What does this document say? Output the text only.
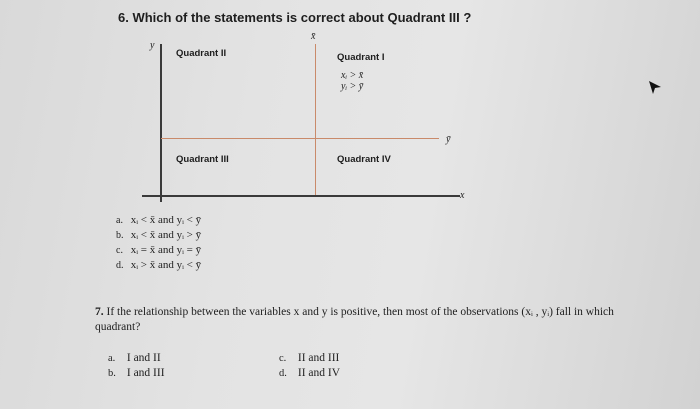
6. Which of the statements is correct about Quadrant III ?
y
x̄
ȳ
x
Quadrant II	Quadrant I
xᵢ > x̄
yᵢ > ȳ
Quadrant III	Quadrant IV
a. xᵢ < x̄ and yᵢ < ȳ
b. xᵢ < x̄ and yᵢ > ȳ
c. xᵢ = x̄ and yᵢ = ȳ
d. xᵢ > x̄ and yᵢ < ȳ
7. If the relationship between the variables x and y is positive, then most of the observations (xᵢ , yᵢ) fall in which quadrant?
a. I and II
b. I and III
c. II and III
d. II and IV
